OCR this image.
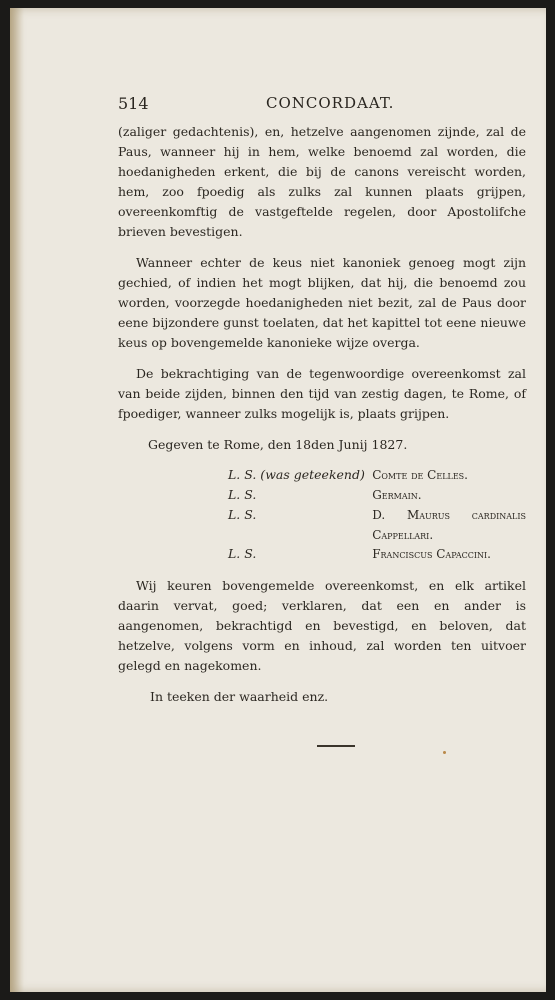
514	CONCORDAAT.

(zaliger gedachtenis), en, hetzelve aangenomen zijnde, zal de Paus, wanneer hij in hem, welke benoemd zal worden, die hoedanigheden erkent, die bij de canons vereischt worden, hem, zoo fpoedig als zulks zal kunnen plaats grijpen, overeenkomftig de vastgeftelde regelen, door Apostolifche brieven bevestigen.

Wanneer echter de keus niet kanoniek genoeg mogt zijn gechied, of indien het mogt blijken, dat hij, die benoemd zou worden, voorzegde hoedanigheden niet bezit, zal de Paus door eene bijzondere gunst toelaten, dat het kapittel tot eene nieuwe keus op bovengemelde kanonieke wijze overga.

De bekrachtiging van de tegenwoordige overeenkomst zal van beide zijden, binnen den tijd van zestig dagen, te Rome, of fpoediger, wanneer zulks mogelijk is, plaats grijpen.

Gegeven te Rome, den 18den Junij 1827.

L. S. (was geteekend) Comte de Celles.
L. S.	Germain.
L. S.	D. Maurus cardinalis Cappellari.
L. S.	Franciscus Capaccini.

Wij keuren bovengemelde overeenkomst, en elk artikel daarin vervat, goed; verklaren, dat een en ander is aangenomen, bekrachtigd en bevestigd, en beloven, dat hetzelve, volgens vorm en inhoud, zal worden ten uitvoer gelegd en nagekomen.

In teeken der waarheid enz.
